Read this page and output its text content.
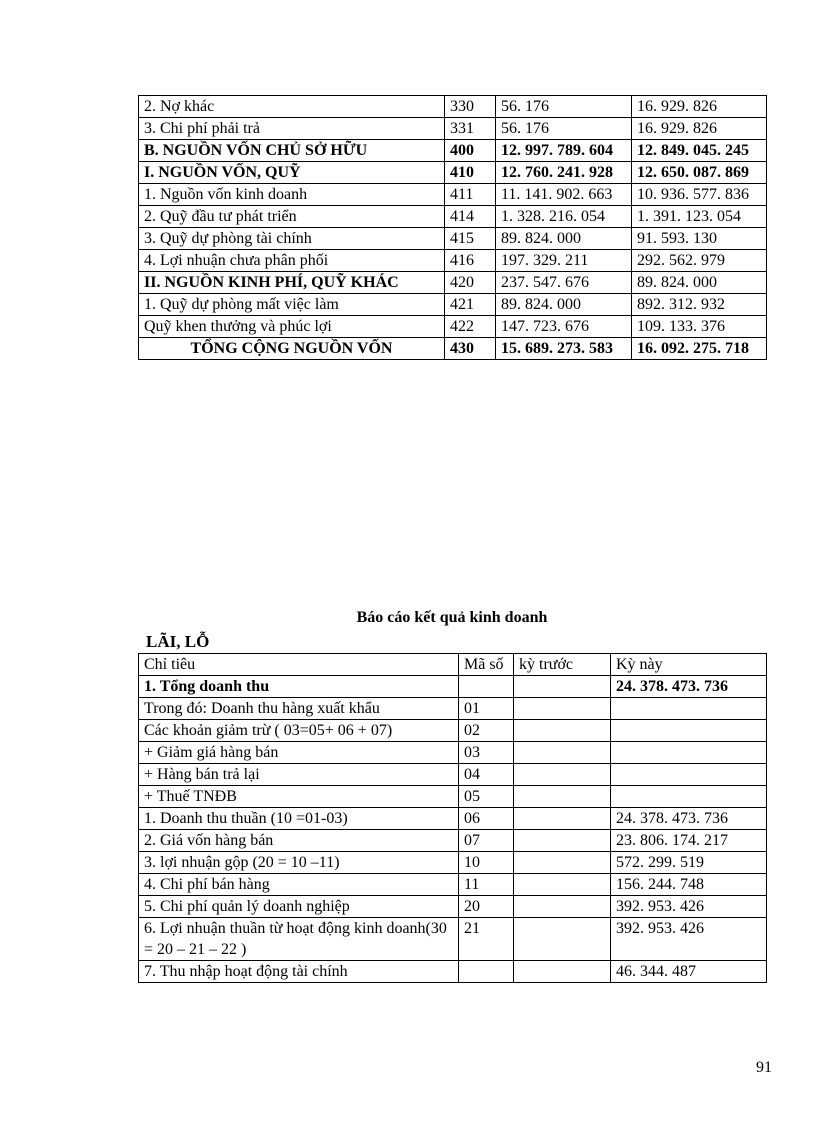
2. Nợ khác	330	56. 176	16. 929. 826
3. Chi phí phải trả	331	56. 176	16. 929. 826
B. NGUỒN VỐN CHỦ SỞ HỮU	400	12. 997. 789. 604	12. 849. 045. 245
I. NGUỒN VỐN, QUỸ	410	12. 760. 241. 928	12. 650. 087. 869
1. Nguồn vốn kinh doanh	411	11. 141. 902. 663	10. 936. 577. 836
2. Quỹ đầu tư phát triển	414	1. 328. 216. 054	1. 391. 123. 054
3. Quỹ dự phòng tài chính	415	89. 824. 000	91. 593. 130
4. Lợi nhuận chưa phân phối	416	197. 329. 211	292. 562. 979
II. NGUỒN KINH PHÍ, QUỸ KHÁC	420	237. 547. 676	89. 824. 000
1. Quỹ dự phòng mất việc làm	421	89. 824. 000	892. 312. 932
Quỹ khen thưởng và phúc lợi	422	147. 723. 676	109. 133. 376
TỔNG CỘNG NGUỒN VỐN	430	15. 689. 273. 583	16. 092. 275. 718
Báo cáo kết quả kinh doanh
LÃI, LỖ
Chỉ tiêu	Mã số	kỳ trước	Kỳ này
1. Tổng doanh thu			24. 378. 473. 736
Trong đó: Doanh thu hàng xuất khẩu	01		
Các khoản giảm trừ ( 03=05+ 06 + 07)	02		
+ Giảm giá hàng bán	03		
+ Hàng bán trả lại	04		
+ Thuế TNĐB	05		
1. Doanh thu thuần (10 =01-03)	06		24. 378. 473. 736
2. Giá vốn hàng bán	07		23. 806. 174. 217
3. lợi nhuận gộp (20 = 10 –11)	10		572. 299. 519
4. Chi phí bán hàng	11		156. 244. 748
5. Chi phí quản lý doanh nghiệp	20		392. 953. 426
6. Lợi nhuận thuần từ hoạt động kinh doanh(30 = 20 – 21 – 22 )	21		392. 953. 426
7. Thu nhập hoạt động tài chính			46. 344. 487
91
